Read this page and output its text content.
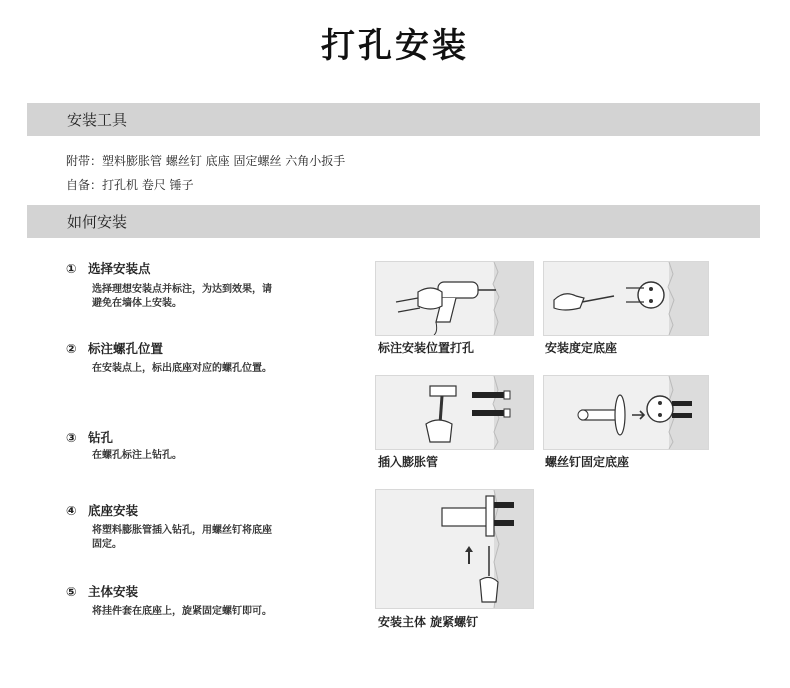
打孔安装
安装工具
附带：塑料膨胀管 螺丝钉 底座 固定螺丝 六角小扳手
自备：打孔机 卷尺 锤子
如何安装
① 选择安装点
选择理想安装点并标注，为达到效果，请避免在墙体上安装。
② 标注螺孔位置
在安装点上，标出底座对应的螺孔位置。
③ 钻孔
在螺孔标注上钻孔。
④ 底座安装
将塑料膨胀管插入钻孔，用螺丝钉将底座固定。
⑤ 主体安装
将挂件套在底座上，旋紧固定螺钉即可。
标注安装位置打孔	安装度定底座
插入膨胀管	螺丝钉固定底座
安装主体 旋紧螺钉
